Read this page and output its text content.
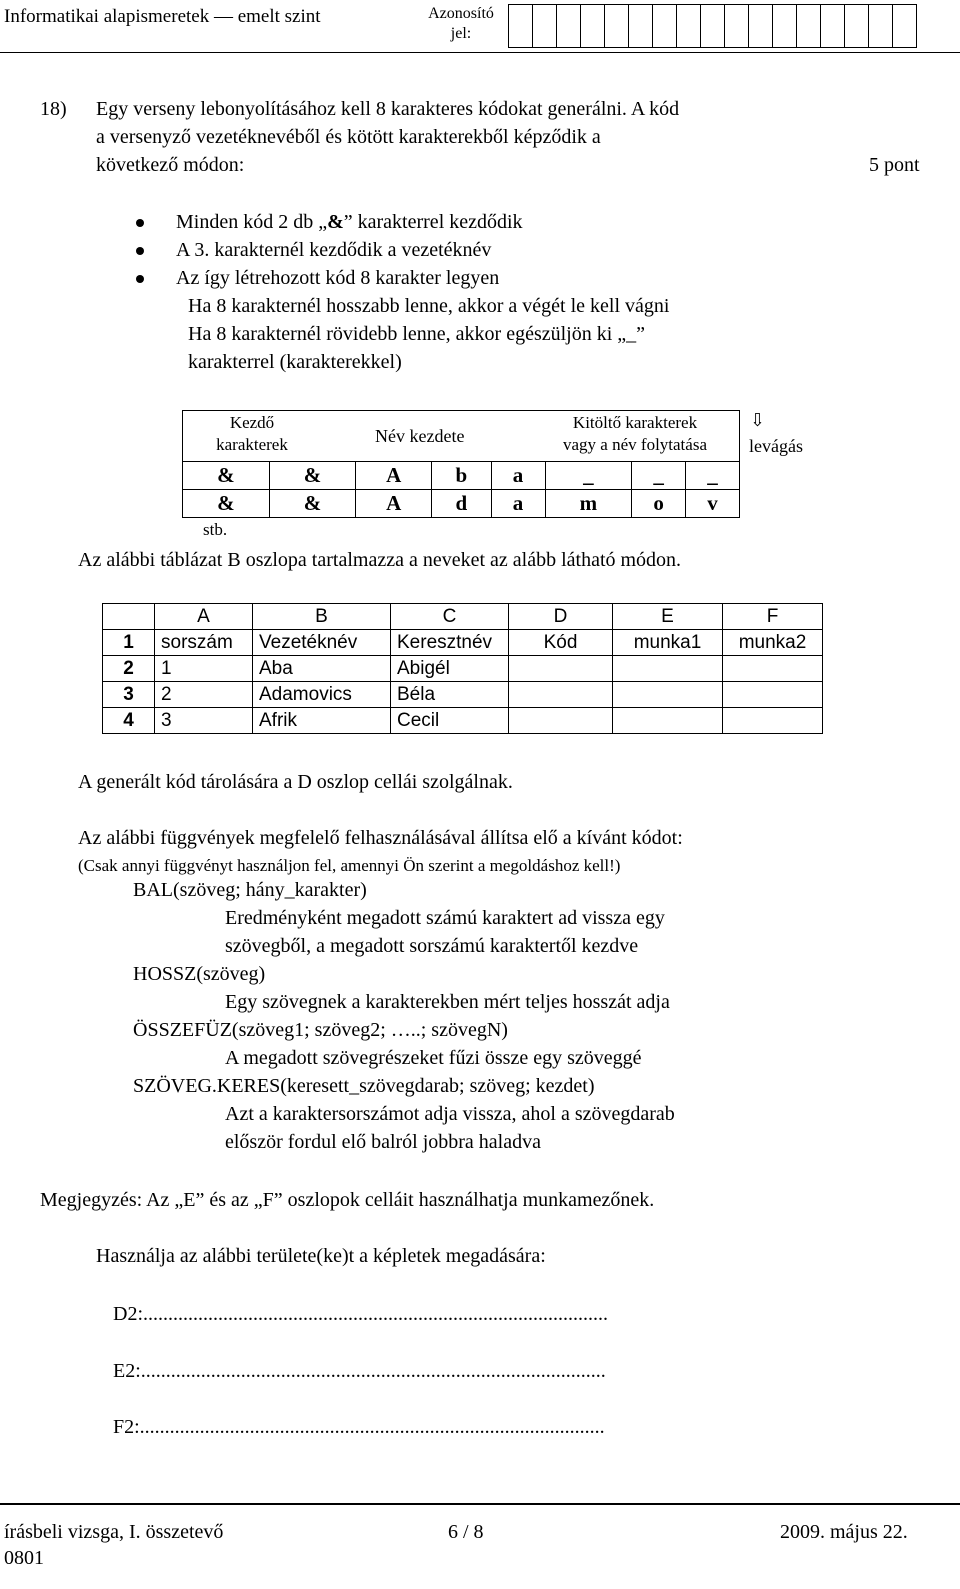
Informatikai alapismeretek — emelt szint	Azonosító jel:
18) Egy verseny lebonyolításához kell 8 karakteres kódokat generálni. A kód
a versenyző vezetéknevéből és kötött karakterekből képződik a
következő módon:	5 pont
Minden kód 2 db „&” karakterrel kezdődik
A 3. karakternél kezdődik a vezetéknév
Az így létrehozott kód 8 karakter legyen
Ha 8 karakternél hosszabb lenne, akkor a végét le kell vágni
Ha 8 karakternél rövidebb lenne, akkor egészüljön ki „_”
karakterrel (karakterekkel)
Kezdő
karakterek	Név kezdete
Kitöltő karakterek
vagy a név folytatása
⇩
levágás
&	&	A	b	a	_	_	_
&	&	A	d	a	m	o	v
stb.
Az alábbi táblázat B oszlopa tartalmazza a neveket az alább látható módon.
	A	B	C	D	E	F
1	sorszám	Vezetéknév	Keresztnév	Kód	munka1	munka2
2	1	Aba	Abigél			
3	2	Adamovics	Béla			
4	3	Afrik	Cecil			
A generált kód tárolására a D oszlop cellái szolgálnak.
Az alábbi függvények megfelelő felhasználásával állítsa elő a kívánt kódot:
(Csak annyi függvényt használjon fel, amennyi Ön szerint a megoldáshoz kell!)
BAL(szöveg; hány_karakter)
Eredményként megadott számú karaktert ad vissza egy
szövegből, a megadott sorszámú karaktertől kezdve
HOSSZ(szöveg)
Egy szövegnek a karakterekben mért teljes hosszát adja
ÖSSZEFÜZ(szöveg1; szöveg2; …..; szövegN)
A megadott szövegrészeket fűzi össze egy szöveggé
SZÖVEG.KERES(keresett_szövegdarab; szöveg; kezdet)
Azt a karaktersorszámot adja vissza, ahol a szövegdarab
először fordul elő balról jobbra haladva
Megjegyzés: Az „E” és az „F” oszlopok celláit használhatja munkamezőnek.
Használja az alábbi területe(ke)t a képletek megadására:
D2:.............................................................................................
E2:.............................................................................................
F2:.............................................................................................
írásbeli vizsga, I. összetevő	6 / 8	2009. május 22.
0801
